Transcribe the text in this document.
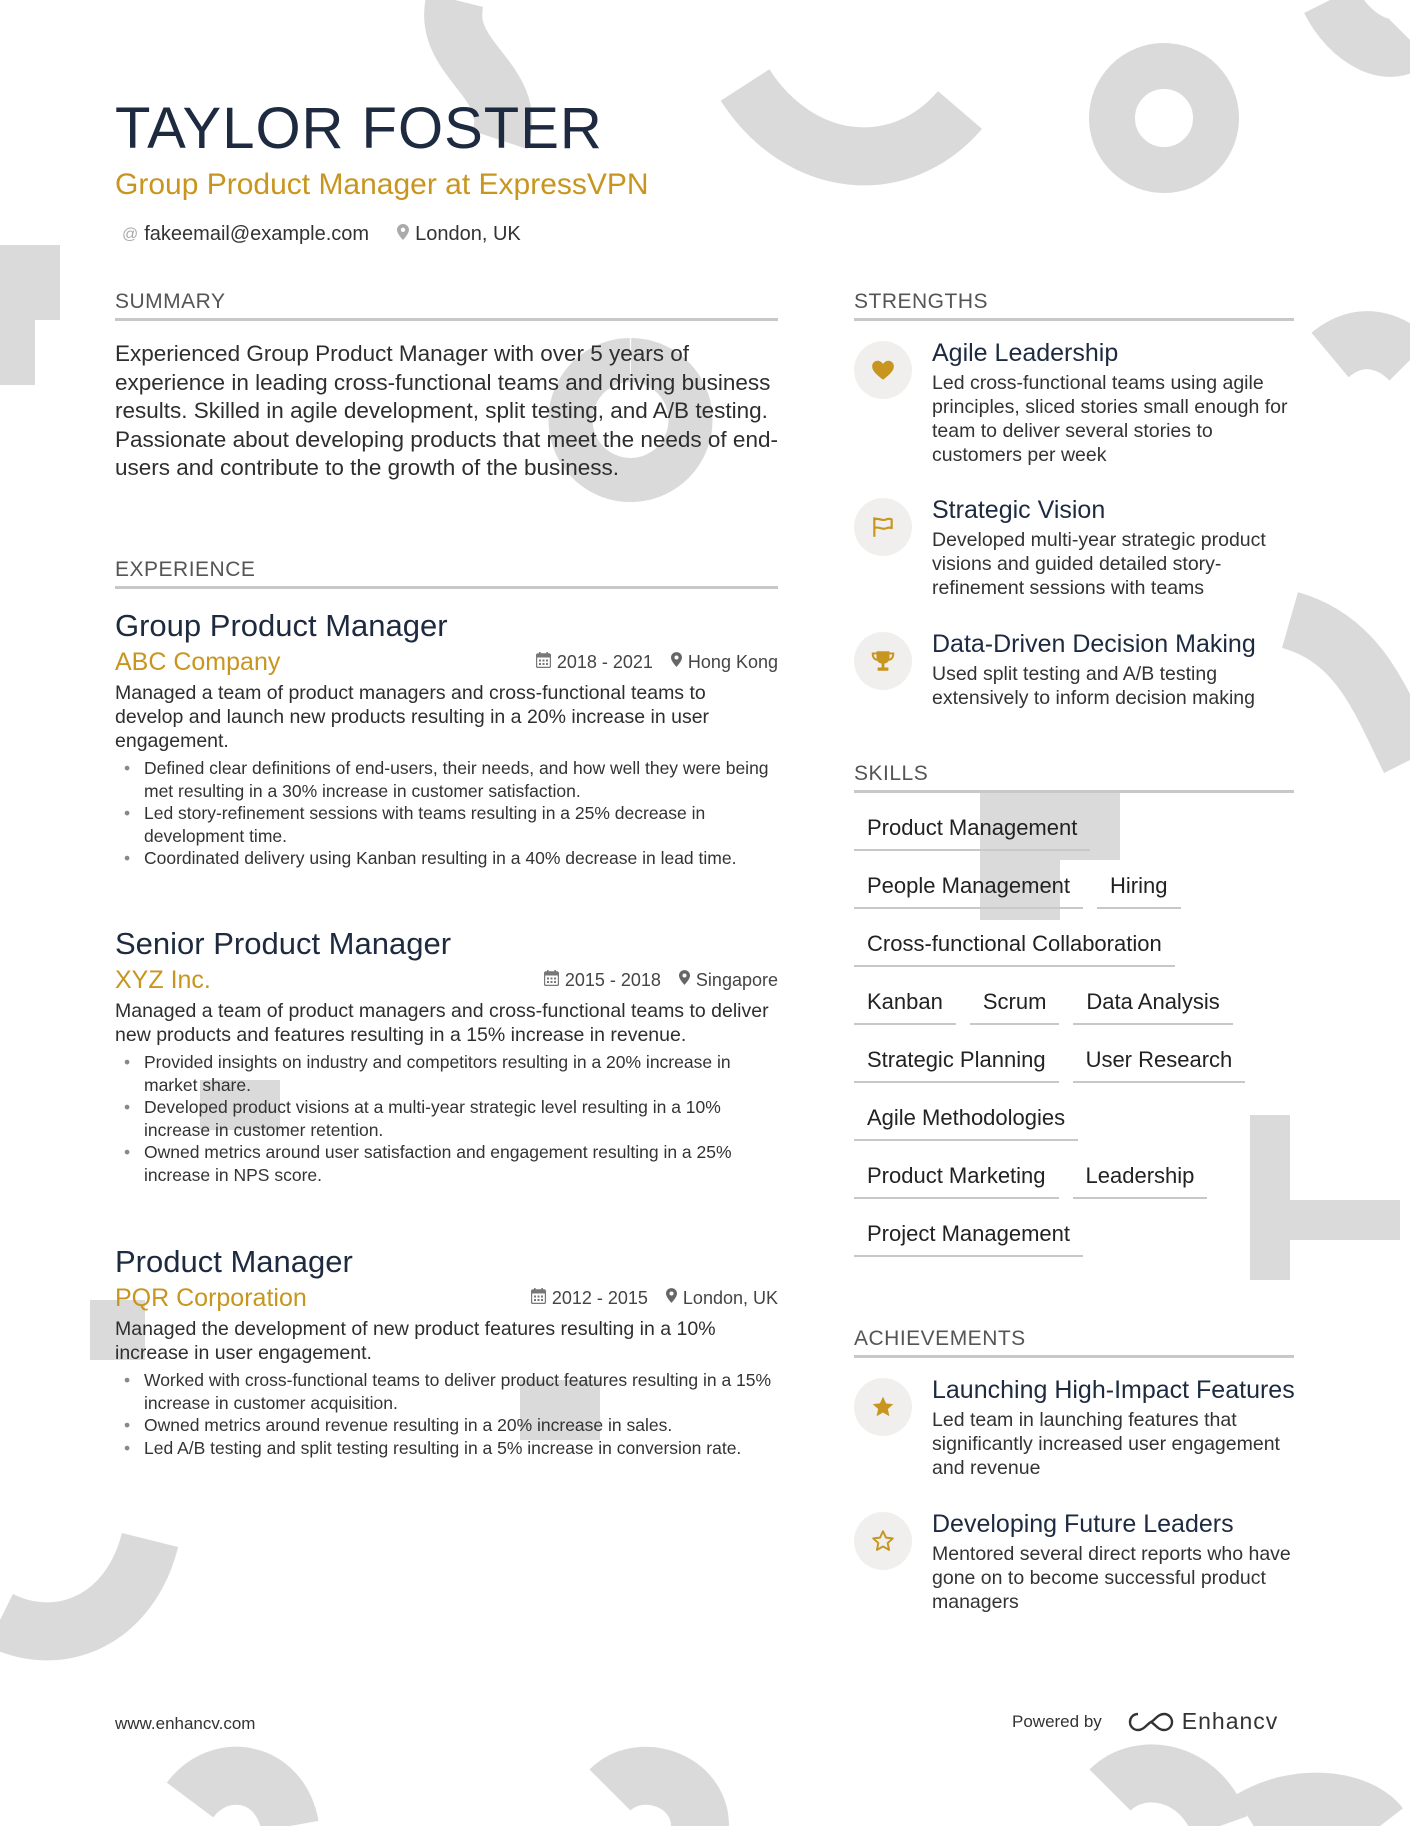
TAYLOR FOSTER
Group Product Manager at ExpressVPN
@ fakeemail@example.com London, UK
SUMMARY
Experienced Group Product Manager with over 5 years of experience in leading cross-functional teams and driving business results. Skilled in agile development, split testing, and A/B testing. Passionate about developing products that meet the needs of end-users and contribute to the growth of the business.
EXPERIENCE
Group Product Manager
ABC Company	2018 - 2021 Hong Kong
Managed a team of product managers and cross-functional teams to develop and launch new products resulting in a 20% increase in user engagement.
• Defined clear definitions of end-users, their needs, and how well they were being met resulting in a 30% increase in customer satisfaction.
• Led story-refinement sessions with teams resulting in a 25% decrease in development time.
• Coordinated delivery using Kanban resulting in a 40% decrease in lead time.
Senior Product Manager
XYZ Inc.	2015 - 2018 Singapore
Managed a team of product managers and cross-functional teams to deliver new products and features resulting in a 15% increase in revenue.
• Provided insights on industry and competitors resulting in a 20% increase in market share.
• Developed product visions at a multi-year strategic level resulting in a 10% increase in customer retention.
• Owned metrics around user satisfaction and engagement resulting in a 25% increase in NPS score.
Product Manager
PQR Corporation	2012 - 2015 London, UK
Managed the development of new product features resulting in a 10% increase in user engagement.
• Worked with cross-functional teams to deliver product features resulting in a 15% increase in customer acquisition.
• Owned metrics around revenue resulting in a 20% increase in sales.
• Led A/B testing and split testing resulting in a 5% increase in conversion rate.
STRENGTHS
Agile Leadership
Led cross-functional teams using agile principles, sliced stories small enough for team to deliver several stories to customers per week
Strategic Vision
Developed multi-year strategic product visions and guided detailed story-refinement sessions with teams
Data-Driven Decision Making
Used split testing and A/B testing extensively to inform decision making
SKILLS
Product Management
People Management	Hiring
Cross-functional Collaboration
Kanban	Scrum	Data Analysis
Strategic Planning	User Research
Agile Methodologies
Product Marketing	Leadership
Project Management
ACHIEVEMENTS
Launching High-Impact Features
Led team in launching features that significantly increased user engagement and revenue
Developing Future Leaders
Mentored several direct reports who have gone on to become successful product managers
www.enhancv.com	Powered by	Enhancv
